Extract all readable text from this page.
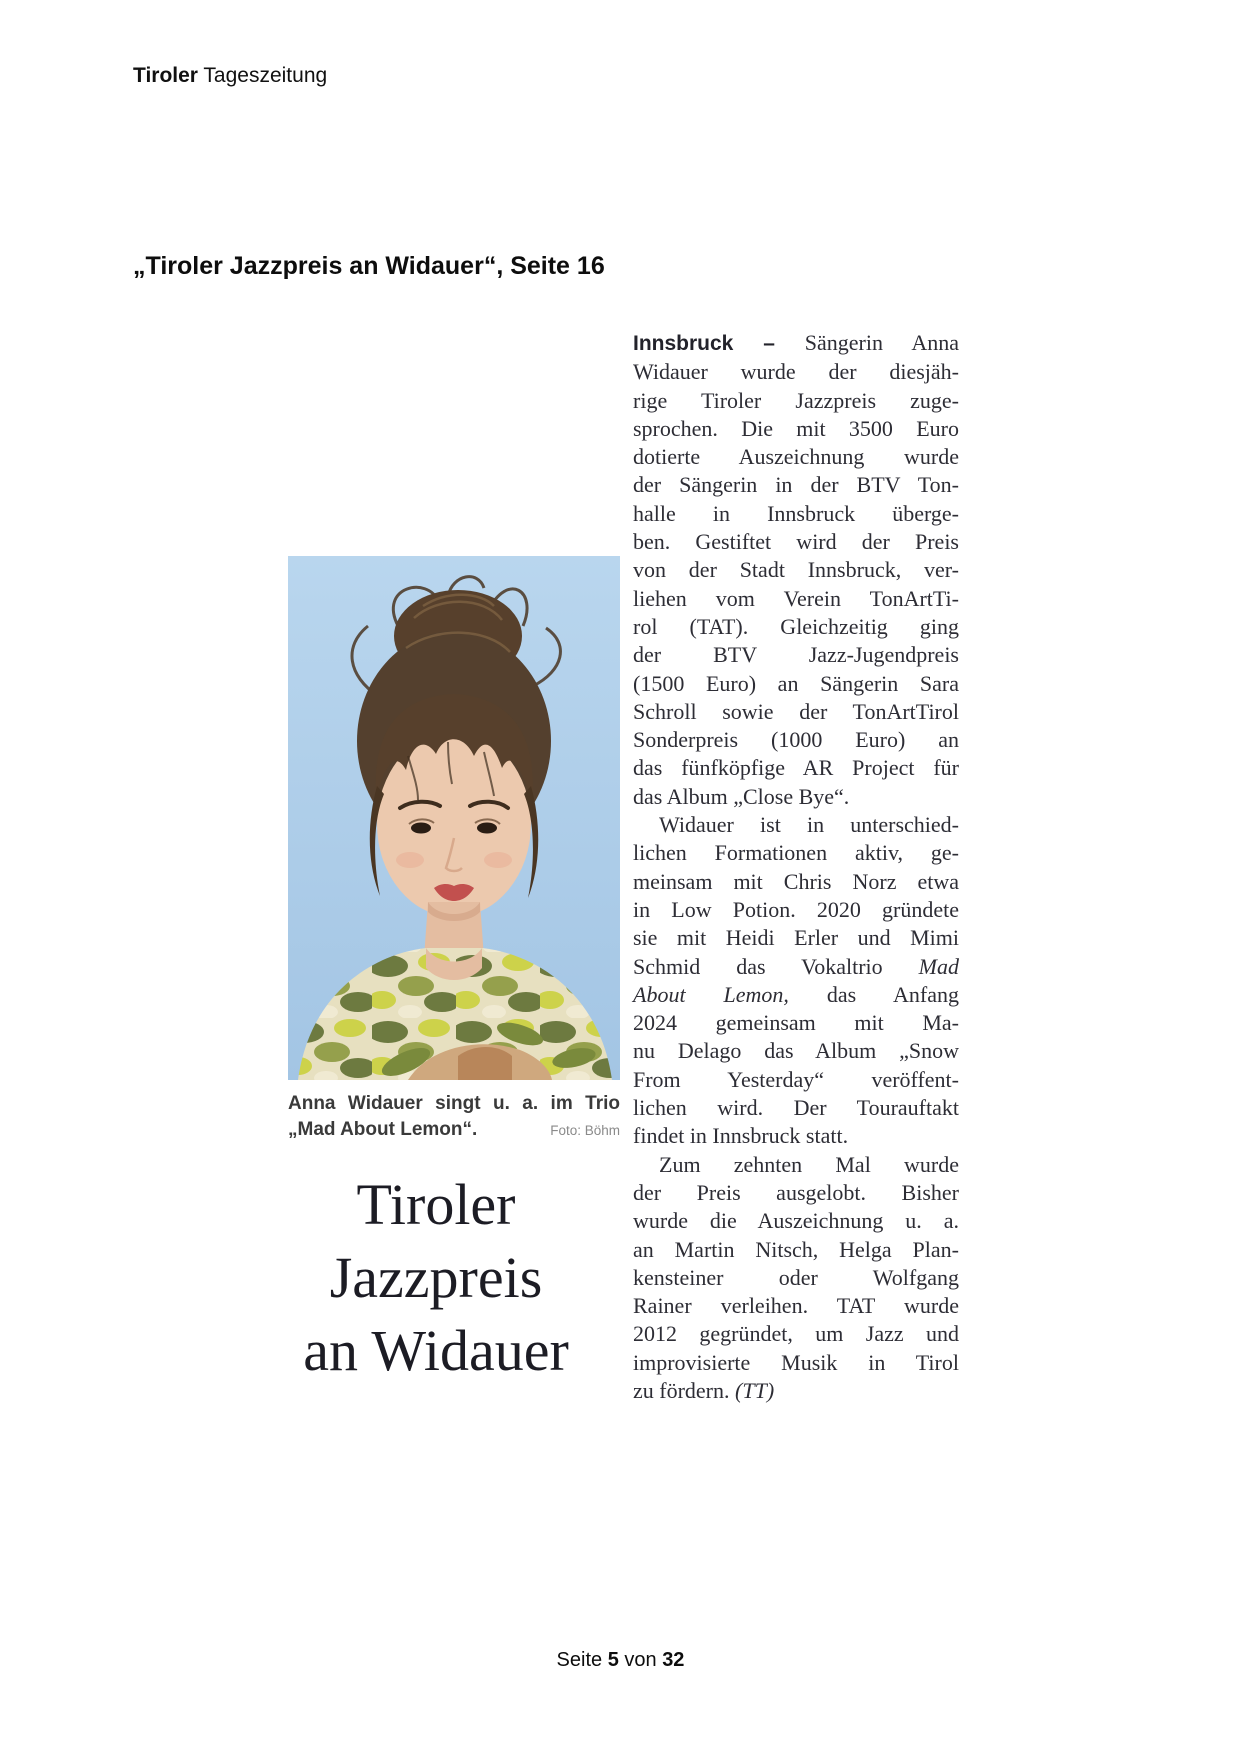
Tiroler Tageszeitung
„Tiroler Jazzpreis an Widauer“, Seite 16
Anna Widauer singt u. a. im Trio
„Mad About Lemon“.	Foto: Böhm
Tiroler
Jazzpreis
an Widauer
Innsbruck – Sängerin Anna
Widauer wurde der diesjäh-
rige Tiroler Jazzpreis zuge-
sprochen. Die mit 3500 Euro
dotierte Auszeichnung wurde
der Sängerin in der BTV Ton-
halle in Innsbruck überge-
ben. Gestiftet wird der Preis
von der Stadt Innsbruck, ver-
liehen vom Verein TonArtTi-
rol (TAT). Gleichzeitig ging
der BTV Jazz-Jugendpreis
(1500 Euro) an Sängerin Sara
Schroll sowie der TonArtTirol
Sonderpreis (1000 Euro) an
das fünfköpfige AR Project für
das Album „Close Bye“.
Widauer ist in unterschied-
lichen Formationen aktiv, ge-
meinsam mit Chris Norz etwa
in Low Potion. 2020 gründete
sie mit Heidi Erler und Mimi
Schmid das Vokaltrio Mad
About Lemon, das Anfang
2024 gemeinsam mit Ma-
nu Delago das Album „Snow
From Yesterday“ veröffent-
lichen wird. Der Tourauftakt
findet in Innsbruck statt.
Zum zehnten Mal wurde
der Preis ausgelobt. Bisher
wurde die Auszeichnung u. a.
an Martin Nitsch, Helga Plan-
kensteiner oder Wolfgang
Rainer verleihen. TAT wurde
2012 gegründet, um Jazz und
improvisierte Musik in Tirol
zu fördern. (TT)
Seite 5 von 32
